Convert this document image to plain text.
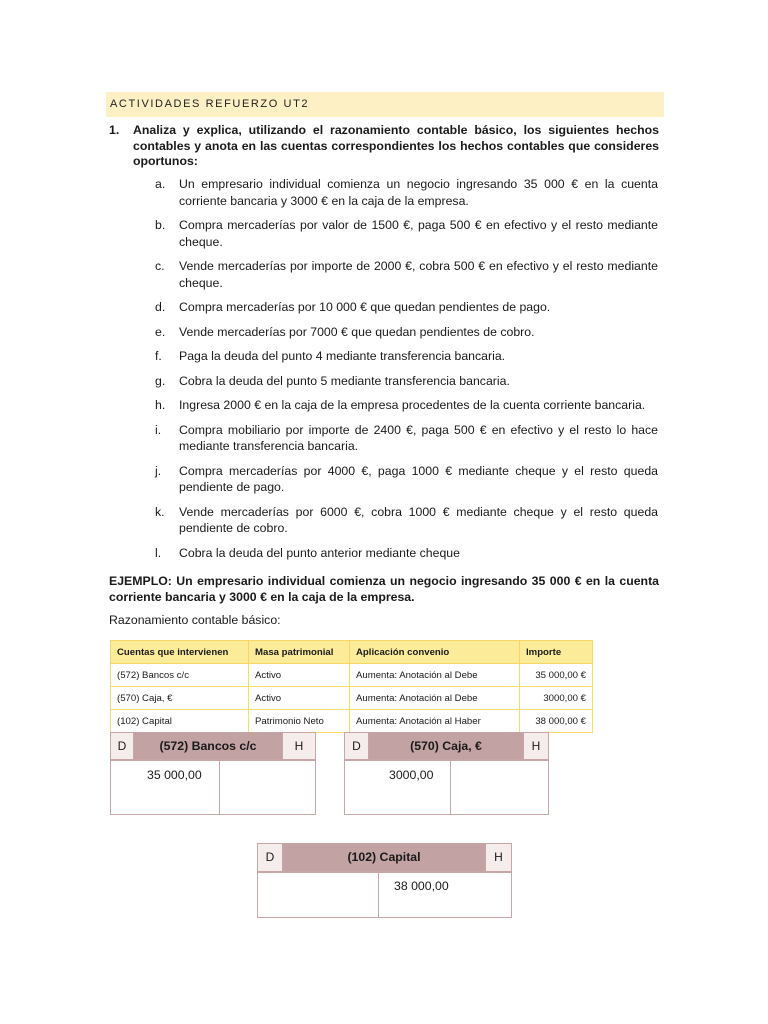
ACTIVIDADES REFUERZO UT2
1. Analiza y explica, utilizando el razonamiento contable básico, los siguientes hechos contables y anota en las cuentas correspondientes los hechos contables que consideres oportunos:
a. Un empresario individual comienza un negocio ingresando 35 000 € en la cuenta corriente bancaria y 3000 € en la caja de la empresa.
b. Compra mercaderías por valor de 1500 €, paga 500 € en efectivo y el resto mediante cheque.
c. Vende mercaderías por importe de 2000 €, cobra 500 € en efectivo y el resto mediante cheque.
d. Compra mercaderías por 10 000 € que quedan pendientes de pago.
e. Vende mercaderías por 7000 € que quedan pendientes de cobro.
f. Paga la deuda del punto 4 mediante transferencia bancaria.
g. Cobra la deuda del punto 5 mediante transferencia bancaria.
h. Ingresa 2000 € en la caja de la empresa procedentes de la cuenta corriente bancaria.
i. Compra mobiliario por importe de 2400 €, paga 500 € en efectivo y el resto lo hace mediante transferencia bancaria.
j. Compra mercaderías por 4000 €, paga 1000 € mediante cheque y el resto queda pendiente de pago.
k. Vende mercaderías por 6000 €, cobra 1000 € mediante cheque y el resto queda pendiente de cobro.
l. Cobra la deuda del punto anterior mediante cheque
EJEMPLO: Un empresario individual comienza un negocio ingresando 35 000 € en la cuenta corriente bancaria y 3000 € en la caja de la empresa.
Razonamiento contable básico:
Cuentas que intervienen	Masa patrimonial	Aplicación convenio	Importe
(572) Bancos c/c	Activo	Aumenta: Anotación al Debe	35 000,00 €
(570) Caja, €	Activo	Aumenta: Anotación al Debe	3000,00 €
(102) Capital	Patrimonio Neto	Aumenta: Anotación al Haber	38 000,00 €
D	(572) Bancos c/c	H
35 000,00
D	(570) Caja, €	H
3000,00
D	(102) Capital	H
38 000,00
